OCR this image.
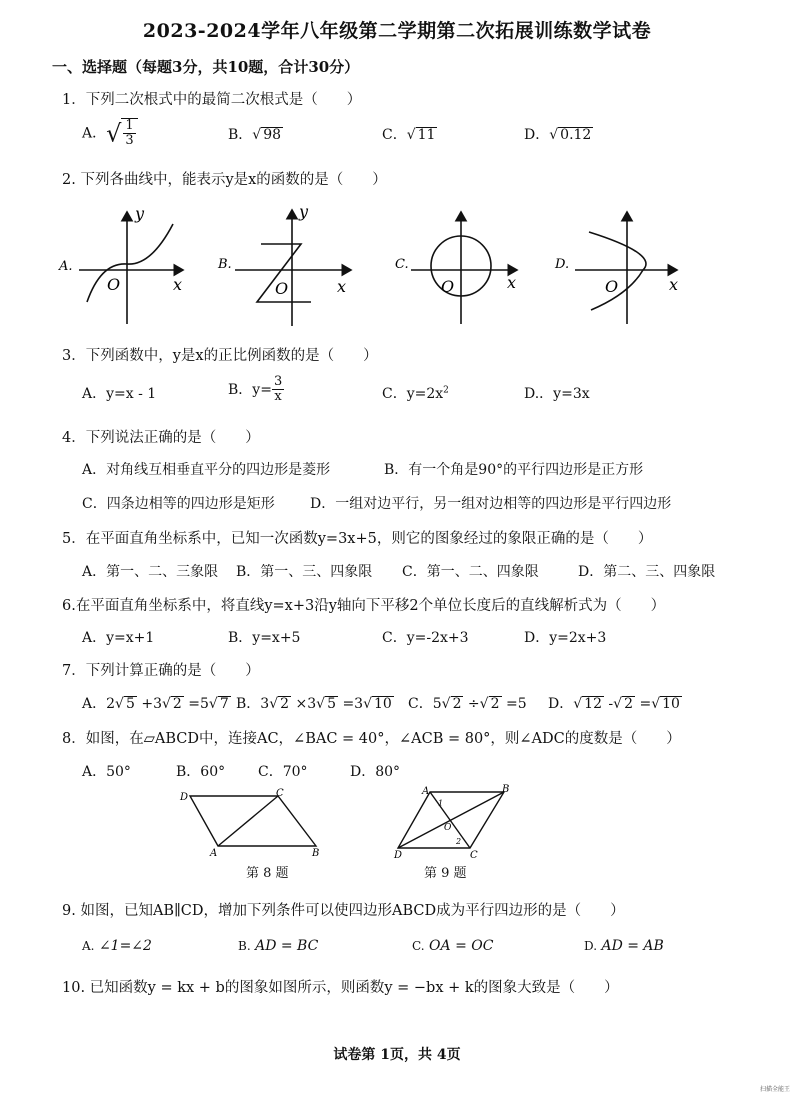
2023-2024学年八年级第二学期第二次拓展训练数学试卷
一、选择题（每题3分，共10题，合计30分）
1．下列二次根式中的最简二次根式是（　　）
A．√ $\frac{1}{3}$	B．√ 98	C．√ 11	D．√ 0.12
2. 下列各曲线中，能表示y是x的函数的是（　　）
A.
y
x
O
B.
y
x
O
C.
O	x
D.
O	x
3．下列函数中，y是x的正比例函数的是（　　）
A．y=x - 1	B．$y= \frac{3}{x}$	C．$y=2x^2$	D.．y=3x
4．下列说法正确的是（　　）
A．对角线互相垂直平分的四边形是菱形	B．有一个角是90°的平行四边形是正方形
C．四条边相等的四边形是矩形	D．一组对边平行，另一组对边相等的四边形是平行四边形
5．在平面直角坐标系中，已知一次函数y=3x+5，则它的图象经过的象限正确的是（　　）
A．第一、二、三象限 B．第一、三、四象限 C．第一、二、四象限	D．第二、三、四象限
6.在平面直角坐标系中，将直线y=x+3沿y轴向下平移2个单位长度后的直线解析式为（　　）
A．y=x+1	B．y=x+5	C．y=-2x+3	D．y=2x+3
7．下列计算正确的是（　　）
A．2√ 5 +3√ 2 =5√ 7 B．3√ 2 ×3√ 5 =3√ 10 C．5√ 2 ÷√ 2 =5 D．√ 12 -√ 2 =√ 10
8．如图，在▱ABCD中，连接AC，∠BAC = 40°，∠ACB = 80°，则∠ADC的度数是（　　）
A．50°	B．60° C．70°	D．80°
D	C
A	B
第 8 题
A	B
C
D
O
1
2
第 9 题
9. 如图，已知AB∥CD，增加下列条件可以使四边形ABCD成为平行四边形的是（　　）
A. ∠1=∠2	B. AD = BC	C. OA = OC	D. AD = AB
10. 已知函数y = kx + b的图象如图所示，则函数y = −bx + k的图象大致是（　　）
试卷第 1页，共 4页
扫描全能王
